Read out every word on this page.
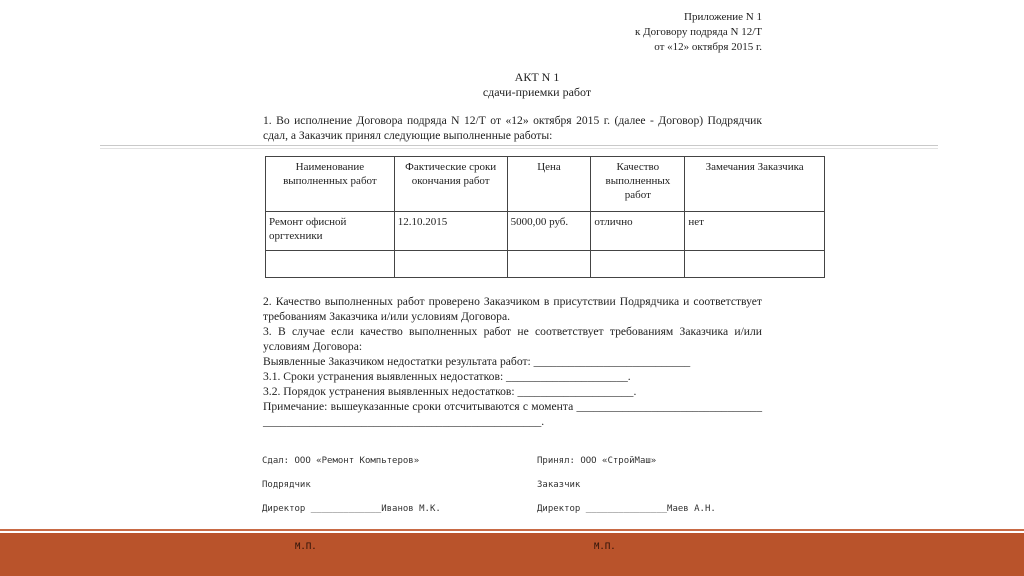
Приложение N 1
к Договору подряда N 12/Т
от «12» октября 2015 г.
АКТ N 1
сдачи-приемки работ
1. Во исполнение Договора подряда N 12/Т от «12» октября 2015 г. (далее - Договор) Подрядчик сдал, а Заказчик принял следующие выполненные работы:
Наименование выполненных работ	Фактические сроки окончания работ	Цена	Качество выполненных работ	Замечания Заказчика
Ремонт офисной оргтехники	12.10.2015	5000,00 руб.	отлично	нет

2. Качество выполненных работ проверено Заказчиком в присутствии Подрядчика и соответствует требованиям Заказчика и/или условиям Договора.
3. В случае если качество выполненных работ не соответствует требованиям Заказчика и/или условиям Договора:
Выявленные Заказчиком недостатки результата работ: ___________________________
3.1. Сроки устранения выявленных недостатков: _____________________.
3.2. Порядок устранения выявленных недостатков: ____________________.
Примечание: вышеуказанные сроки отсчитываются с момента ________________________________________________________________________________.
Сдал: ООО «Ремонт Компьтеров»	Принял: ООО «СтройМаш»
Подрядчик	Заказчик
Директор _____________Иванов М.К.	Директор _______________Маев А.Н.
М.П.	М.П.
